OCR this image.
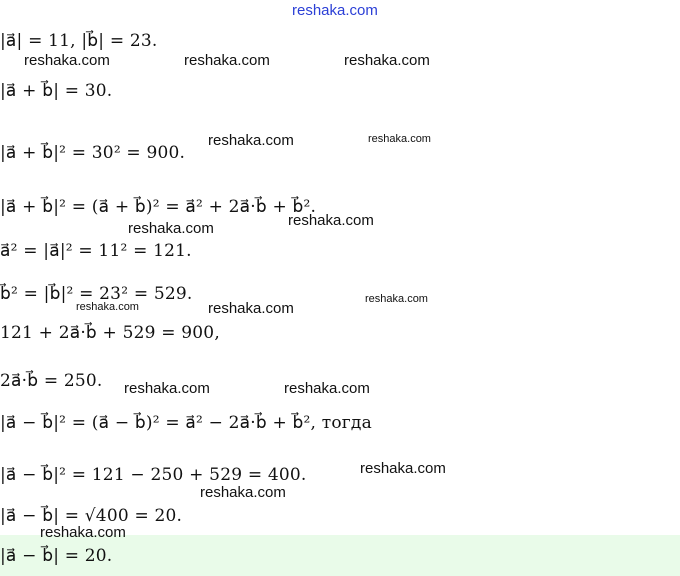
reshaka.com
|a⃗| = 11, |b⃗| = 23.
|a⃗ + b⃗| = 30.
|a⃗ + b⃗|² = 30² = 900.
|a⃗ + b⃗|² = (a⃗ + b⃗)² = a⃗² + 2a⃗·b⃗ + b⃗².
a⃗² = |a⃗|² = 11² = 121.
b⃗² = |b⃗|² = 23² = 529.
121 + 2a⃗·b⃗ + 529 = 900,
2a⃗·b⃗ = 250.
|a⃗ − b⃗|² = (a⃗ − b⃗)² = a⃗² − 2a⃗·b⃗ + b⃗², тогда
|a⃗ − b⃗|² = 121 − 250 + 529 = 400.
|a⃗ − b⃗| = √400 = 20.
|a⃗ − b⃗| = 20.
reshaka.com	reshaka.com	reshaka.com
reshaka.com	reshaka.com
reshaka.com
reshaka.com
reshaka.com
reshaka.com
reshaka.com
reshaka.com	reshaka.com
reshaka.com
reshaka.com
reshaka.com
